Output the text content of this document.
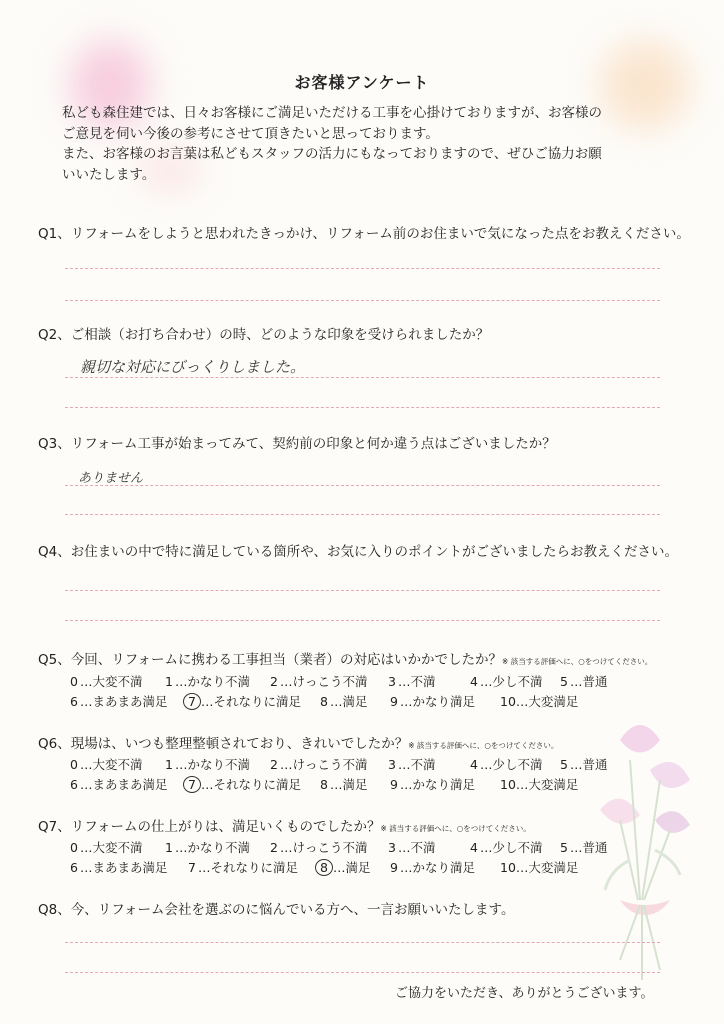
お客様アンケート
私ども森住建では、日々お客様にご満足いただける工事を心掛けておりますが、お客様の
ご意見を伺い今後の参考にさせて頂きたいと思っております。
また、お客様のお言葉は私どもスタッフの活力にもなっておりますので、ぜひご協力お願
いいたします。
Q1、リフォームをしようと思われたきっかけ、リフォーム前のお住まいで気になった点をお教えください。
Q2、ご相談（お打ち合わせ）の時、どのような印象を受けられましたか？
親切な対応にびっくりしました。
Q3、リフォーム工事が始まってみて、契約前の印象と何か違う点はございましたか？
ありません
Q4、お住まいの中で特に満足している箇所や、お気に入りのポイントがございましたらお教えください。
Q5、今回、リフォームに携わる工事担当（業者）の対応はいかかでしたか？※ 該当する評価へに、○をつけてください。
0 …大変不満 1 …かなり不満 2 …けっこう不満 3 …不満	4 …少し不満 5 …普通
6 …まあまあ満足 7 …それなりに満足 8 …満足 9 …かなり満足 10…大変満足
Q6、現場は、いつも整理整頓されており、きれいでしたか？※ 該当する評価へに、○をつけてください。
0 …大変不満 1 …かなり不満 2 …けっこう不満 3 …不満	4 …少し不満 5 …普通
6 …まあまあ満足 7 …それなりに満足 8 …満足 9 …かなり満足 10…大変満足
Q7、リフォームの仕上がりは、満足いくものでしたか？※ 該当する評価へに、○をつけてください。
0 …大変不満 1 …かなり不満 2 …けっこう不満 3 …不満	4 …少し不満 5 …普通
6 …まあまあ満足 7 …それなりに満足 8 …満足 9 …かなり満足 10…大変満足
Q8、今、リフォーム会社を選ぶのに悩んでいる方へ、一言お願いいたします。
ご協力をいただき、ありがとうございます。
